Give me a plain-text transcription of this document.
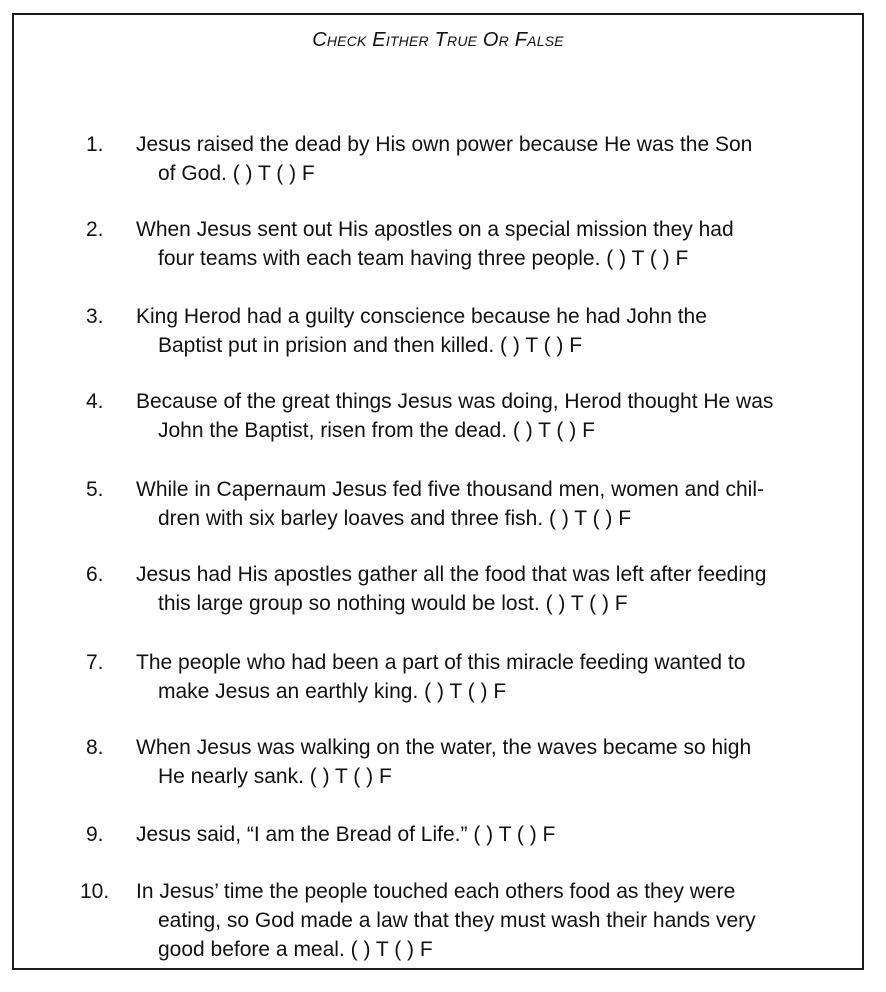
Check Either True Or False
1. Jesus raised the dead by His own power because He was the Son
of God. ( ) T ( ) F
2. When Jesus sent out His apostles on a special mission they had
four teams with each team having three people. ( ) T ( ) F
3. King Herod had a guilty conscience because he had John the
Baptist put in prision and then killed. ( ) T ( ) F
4. Because of the great things Jesus was doing, Herod thought He was
John the Baptist, risen from the dead. ( ) T ( ) F
5. While in Capernaum Jesus fed five thousand men, women and chil-
dren with six barley loaves and three fish. ( ) T ( ) F
6. Jesus had His apostles gather all the food that was left after feeding
this large group so nothing would be lost. ( ) T ( ) F
7. The people who had been a part of this miracle feeding wanted to
make Jesus an earthly king. ( ) T ( ) F
8. When Jesus was walking on the water, the waves became so high
He nearly sank. ( ) T ( ) F
9. Jesus said, “I am the Bread of Life.” ( ) T ( ) F
10. In Jesus’ time the people touched each others food as they were
eating, so God made a law that they must wash their hands very
good before a meal. ( ) T ( ) F
